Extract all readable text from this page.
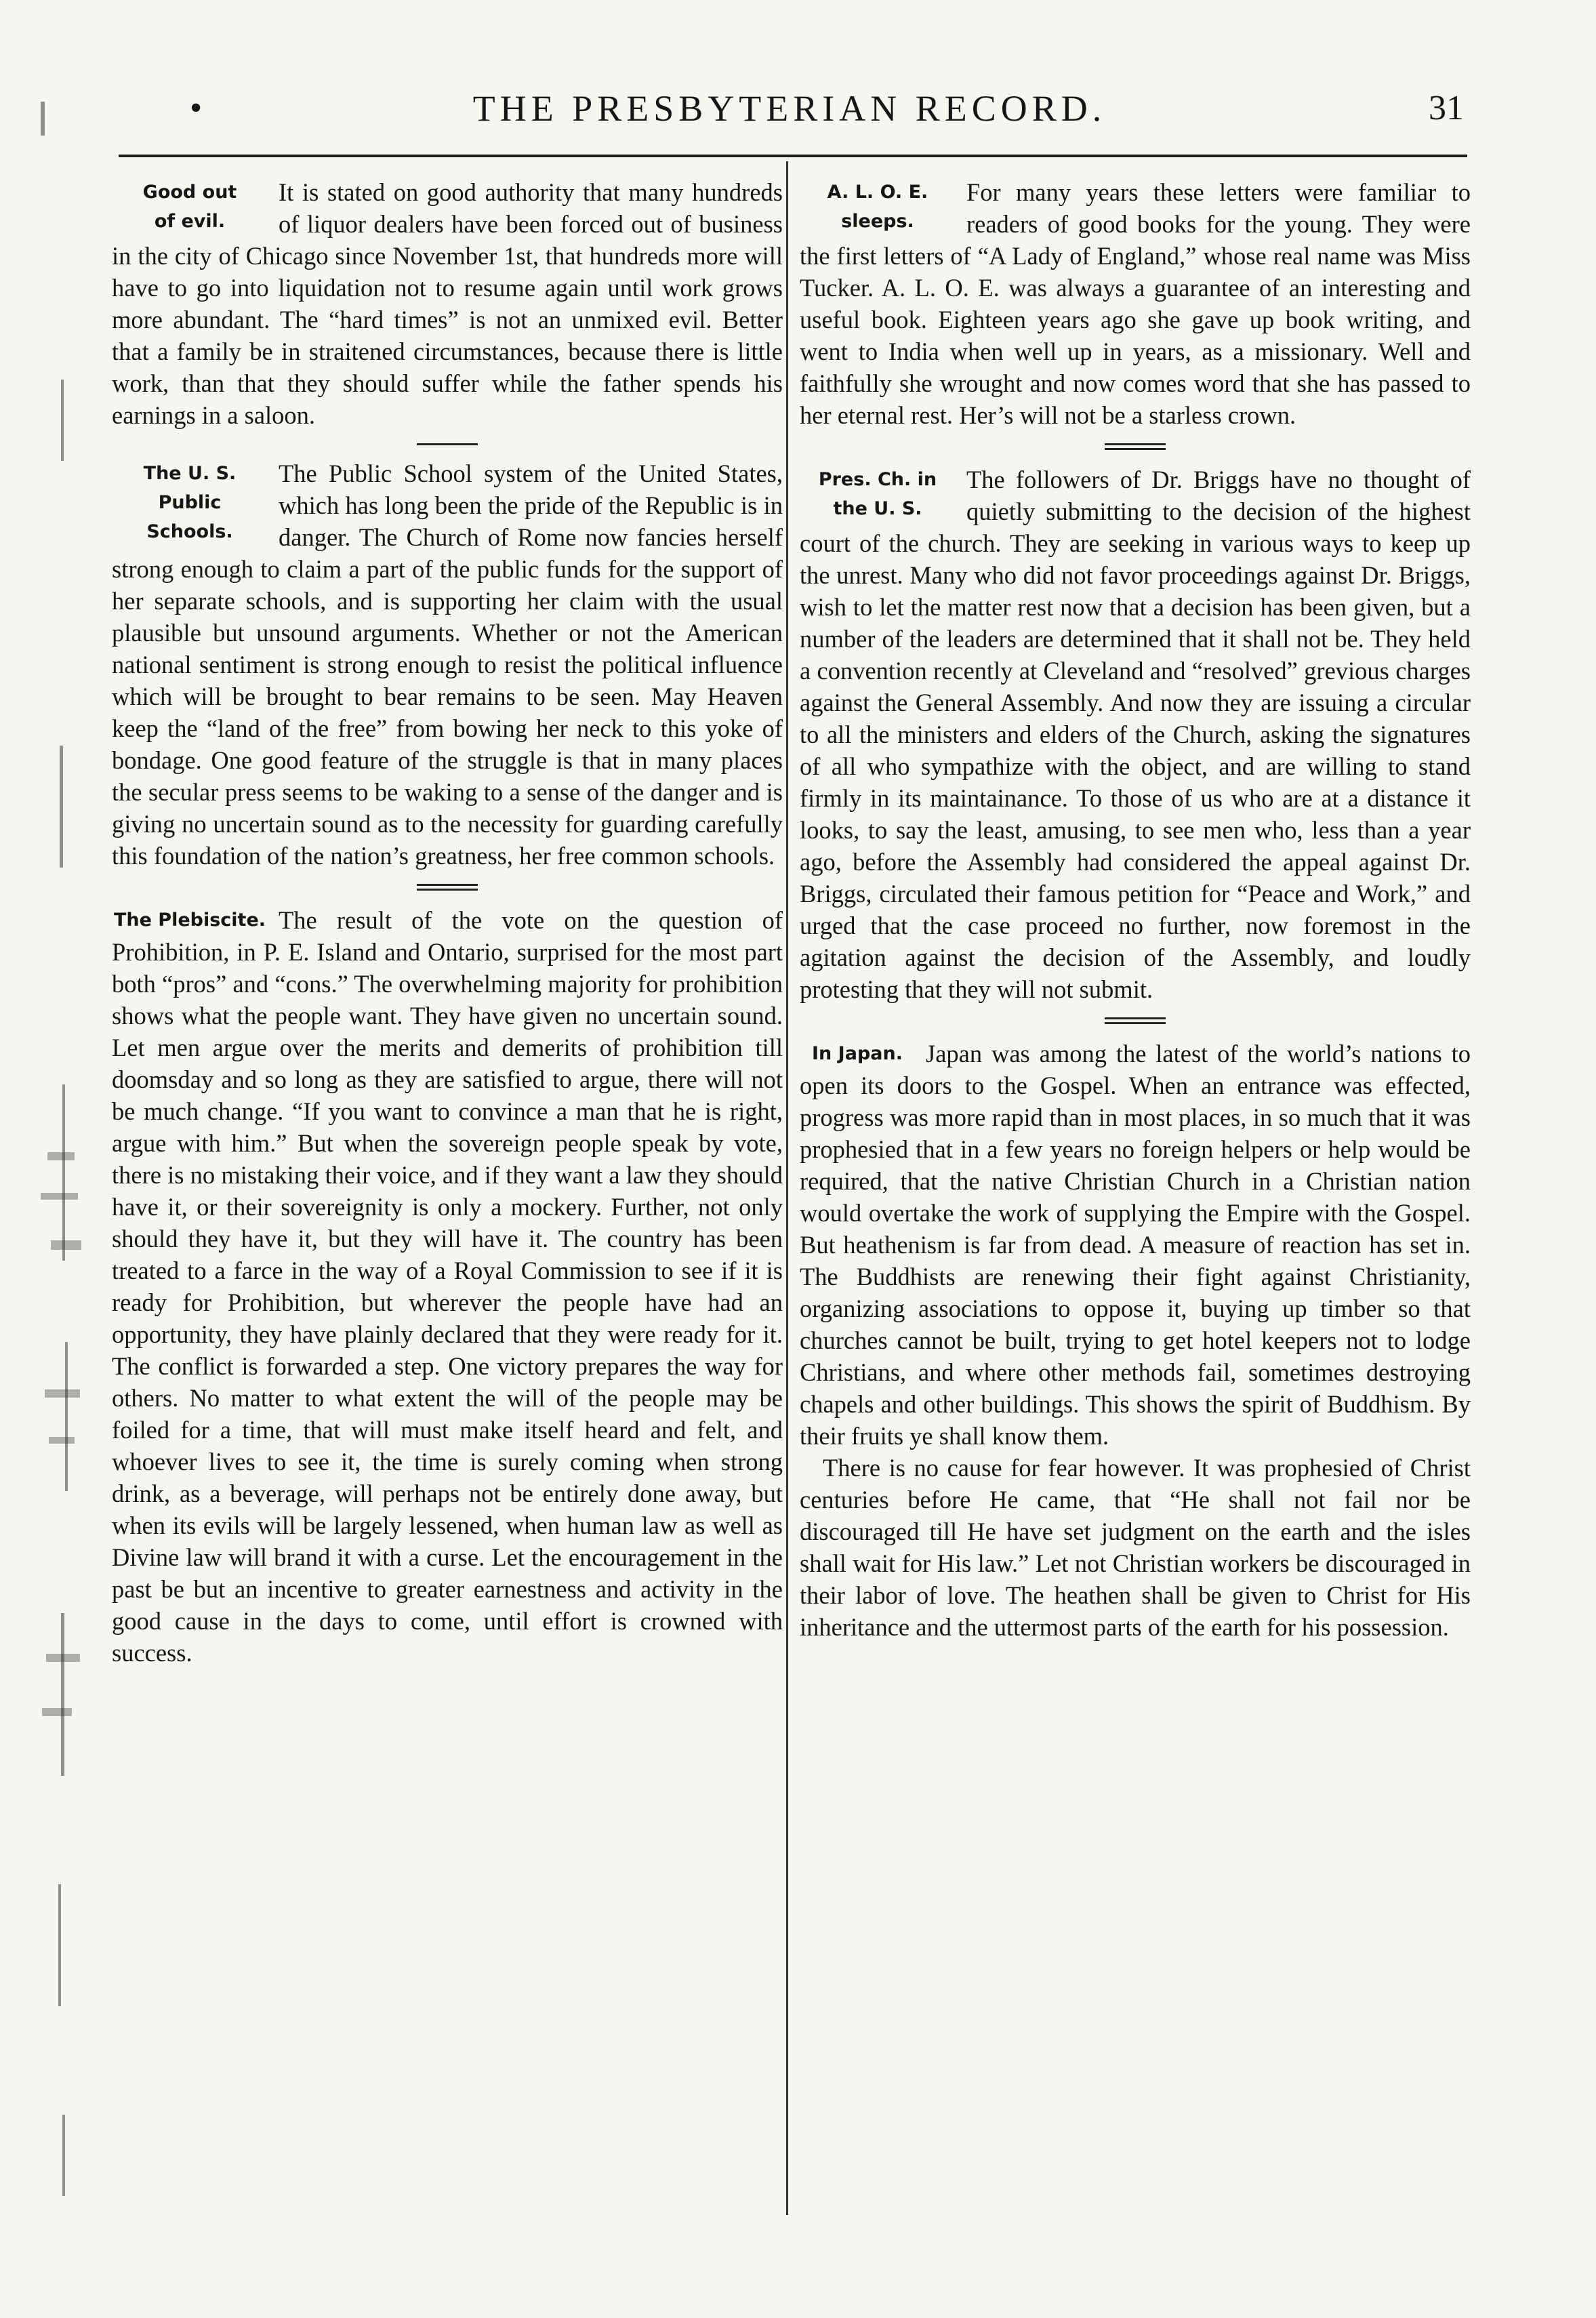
•	THE PRESBYTERIAN RECORD.	31
Good out
of evil.

It is stated on good authority that many hundreds of liquor dealers have been forced out of business in the city of Chicago since November 1st, that hundreds more will have to go into liquidation not to resume again until work grows more abundant. The “hard times” is not an unmixed evil. Better that a family be in straitened circumstances, because there is little work, than that they should suffer while the father spends his earnings in a saloon.

The U. S. Public
Schools.

The Public School system of the United States, which has long been the pride of the Republic is in danger. The Church of Rome now fancies herself strong enough to claim a part of the public funds for the support of her separate schools, and is supporting her claim with the usual plausible but unsound arguments. Whether or not the American national sentiment is strong enough to resist the political influence which will be brought to bear remains to be seen. May Heaven keep the “land of the free” from bowing her neck to this yoke of bondage. One good feature of the struggle is that in many places the secular press seems to be waking to a sense of the danger and is giving no uncertain sound as to the necessity for guarding carefully this foundation of the nation’s greatness, her free common schools.

The Plebiscite. The result of the vote on the question of Prohibition, in P. E. Island and Ontario, surprised for the most part both “pros” and “cons.” The overwhelming majority for prohibition shows what the people want. They have given no uncertain sound. Let men argue over the merits and demerits of prohibition till doomsday and so long as they are satisfied to argue, there will not be much change. “If you want to convince a man that he is right, argue with him.” But when the sovereign people speak by vote, there is no mistaking their voice, and if they want a law they should have it, or their sovereignity is only a mockery. Further, not only should they have it, but they will have it. The country has been treated to a farce in the way of a Royal Commission to see if it is ready for Prohibition, but wherever the people have had an opportunity, they have plainly declared that they were ready for it. The conflict is forwarded a step. One victory prepares the way for others. No matter to what extent the will of the people may be foiled for a time, that will must make itself heard and felt, and whoever lives to see it, the time is surely coming when strong drink, as a beverage, will perhaps not be entirely done away, but when its evils will be largely lessened, when human law as well as Divine law will brand it with a curse. Let the encouragement in the past be but an incentive to greater earnestness and activity in the good cause in the days to come, until effort is crowned with success.

A. L. O. E.
sleeps.

For many years these letters were familiar to readers of good books for the young. They were the first letters of “A Lady of England,” whose real name was Miss Tucker. A. L. O. E. was always a guarantee of an interesting and useful book. Eighteen years ago she gave up book writing, and went to India when well up in years, as a missionary. Well and faithfully she wrought and now comes word that she has passed to her eternal rest. Her’s will not be a starless crown.

Pres. Ch. in
the U. S.

The followers of Dr. Briggs have no thought of quietly submitting to the decision of the highest court of the church. They are seeking in various ways to keep up the unrest. Many who did not favor proceedings against Dr. Briggs, wish to let the matter rest now that a decision has been given, but a number of the leaders are determined that it shall not be. They held a convention recently at Cleveland and “resolved” grevious charges against the General Assembly. And now they are issuing a circular to all the ministers and elders of the Church, asking the signatures of all who sympathize with the object, and are willing to stand firmly in its maintainance. To those of us who are at a distance it looks, to say the least, amusing, to see men who, less than a year ago, before the Assembly had considered the appeal against Dr. Briggs, circulated their famous petition for “Peace and Work,” and urged that the case proceed no further, now foremost in the agitation against the decision of the Assembly, and loudly protesting that they will not submit.

In Japan. Japan was among the latest of the world’s nations to open its doors to the Gospel. When an entrance was effected, progress was more rapid than in most places, in so much that it was prophesied that in a few years no foreign helpers or help would be required, that the native Christian Church in a Christian nation would overtake the work of supplying the Empire with the Gospel. But heathenism is far from dead. A measure of reaction has set in. The Buddhists are renewing their fight against Christianity, organizing associations to oppose it, buying up timber so that churches cannot be built, trying to get hotel keepers not to lodge Christians, and where other methods fail, sometimes destroying chapels and other buildings. This shows the spirit of Buddhism. By their fruits ye shall know them.

There is no cause for fear however. It was prophesied of Christ centuries before He came, that “He shall not fail nor be discouraged till He have set judgment on the earth and the isles shall wait for His law.” Let not Christian workers be discouraged in their labor of love. The heathen shall be given to Christ for His inheritance and the uttermost parts of the earth for his possession.
